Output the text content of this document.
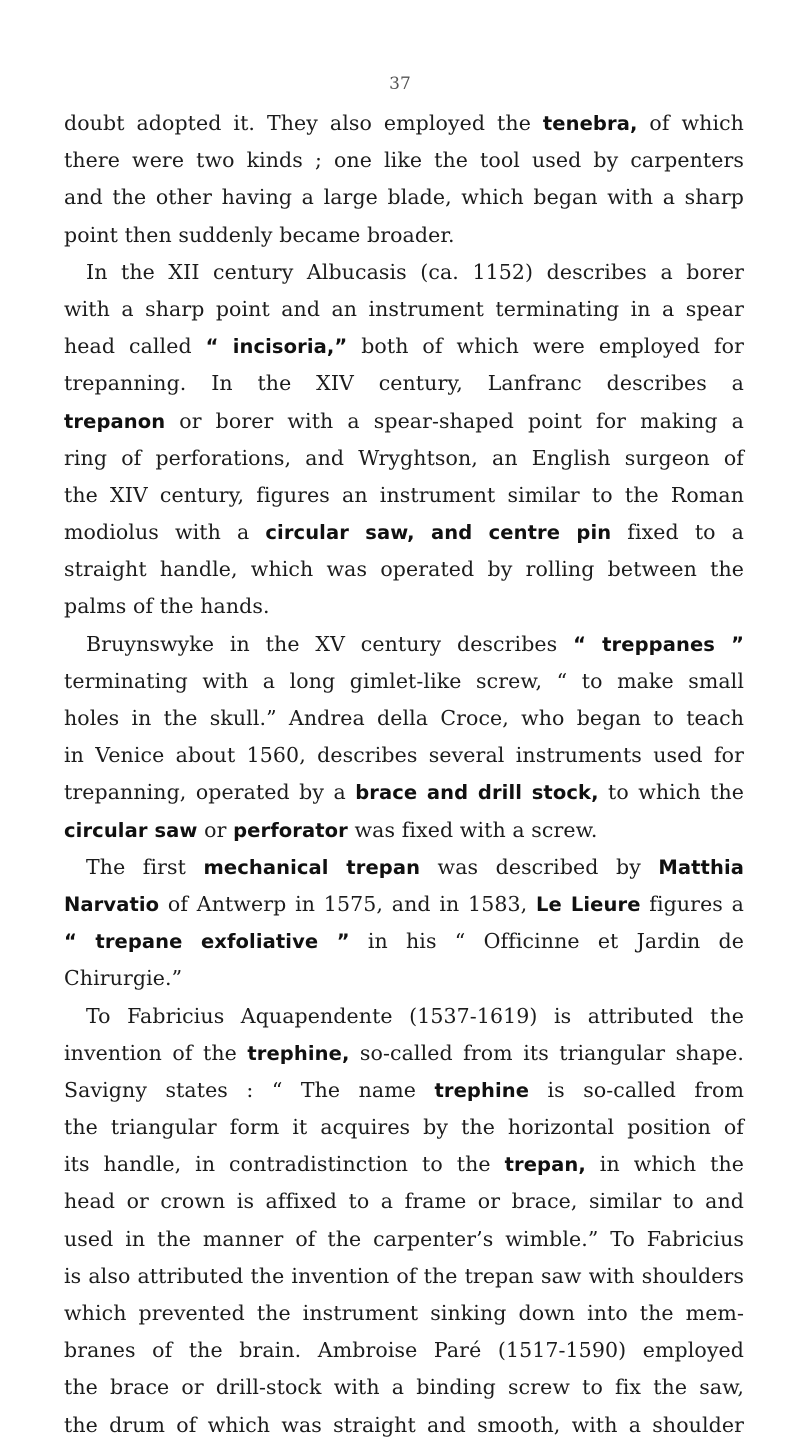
37
doubt adopted it. They also employed the tenebra, of which
there were two kinds ; one like the tool used by carpenters
and the other having a large blade, which began with a sharp
point then suddenly became broader.
In the XII century Albucasis (ca. 1152) describes a borer
with a sharp point and an instrument terminating in a spear
head called “ incisoria,” both of which were employed for
trepanning. In the XIV century, Lanfranc describes a
trepanon or borer with a spear-shaped point for making a
ring of perforations, and Wryghtson, an English surgeon of
the XIV century, figures an instrument similar to the Roman
modiolus with a circular saw, and centre pin fixed to a
straight handle, which was operated by rolling between the
palms of the hands.
Bruynswyke in the XV century describes “ treppanes ”
terminating with a long gimlet-like screw, “ to make small
holes in the skull.” Andrea della Croce, who began to teach
in Venice about 1560, describes several instruments used for
trepanning, operated by a brace and drill stock, to which the
circular saw or perforator was fixed with a screw.
The first mechanical trepan was described by Matthia
Narvatio of Antwerp in 1575, and in 1583, Le Lieure figures a
“ trepane exfoliative ” in his “ Officinne et Jardin de
Chirurgie.”
To Fabricius Aquapendente (1537-1619) is attributed the
invention of the trephine, so-called from its triangular shape.
Savigny states : “ The name trephine is so-called from
the triangular form it acquires by the horizontal position of
its handle, in contradistinction to the trepan, in which the
head or crown is affixed to a frame or brace, similar to and
used in the manner of the carpenter’s wimble.” To Fabricius
is also attributed the invention of the trepan saw with shoulders
which prevented the instrument sinking down into the mem-
branes of the brain. Ambroise Paré (1517-1590) employed
the brace or drill-stock with a binding screw to fix the saw,
the drum of which was straight and smooth, with a shoulder
